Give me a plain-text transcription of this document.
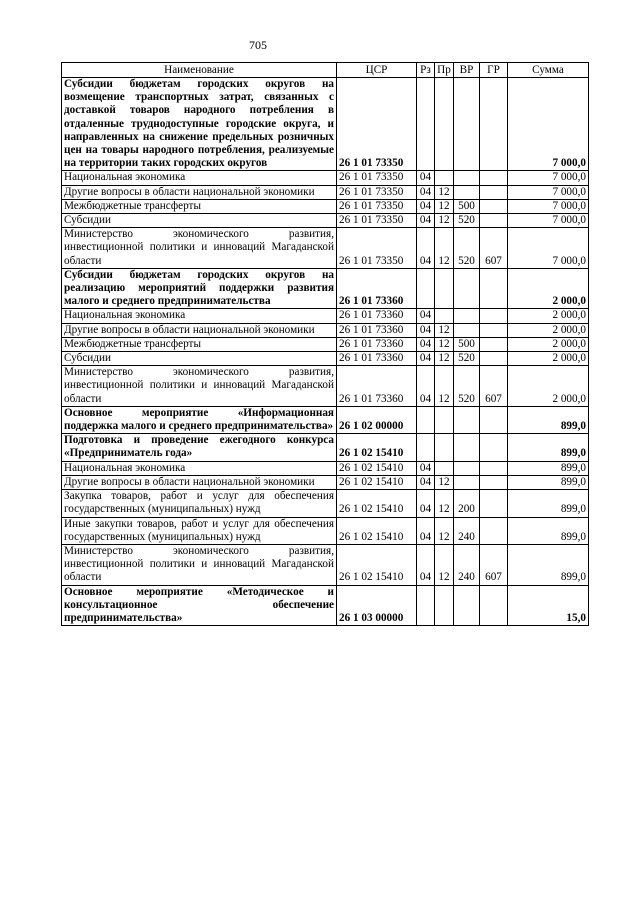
705
Наименование	ЦСР	Рз	Пр	ВР	ГР	Сумма
Субсидии бюджетам городских округов на возмещение транспортных затрат, связанных с доставкой товаров народного потребления в отдаленные труднодоступные городские округа, и направленных на снижение предельных розничных цен на товары народного потребления, реализуемые на территории таких городских округов	26 1 01 73350					7 000,0
Национальная экономика	26 1 01 73350	04				7 000,0
Другие вопросы в области национальной экономики	26 1 01 73350	04	12			7 000,0
Межбюджетные трансферты	26 1 01 73350	04	12	500		7 000,0
Субсидии	26 1 01 73350	04	12	520		7 000,0
Министерство экономического развития, инвестиционной политики и инноваций Магаданской области	26 1 01 73350	04	12	520	607	7 000,0
Субсидии бюджетам городских округов на реализацию мероприятий поддержки развития малого и среднего предпринимательства	26 1 01 73360					2 000,0
Национальная экономика	26 1 01 73360	04				2 000,0
Другие вопросы в области национальной экономики	26 1 01 73360	04	12			2 000,0
Межбюджетные трансферты	26 1 01 73360	04	12	500		2 000,0
Субсидии	26 1 01 73360	04	12	520		2 000,0
Министерство экономического развития, инвестиционной политики и инноваций Магаданской области	26 1 01 73360	04	12	520	607	2 000,0
Основное мероприятие «Информационная поддержка малого и среднего предпринимательства»	26 1 02 00000					899,0
Подготовка и проведение ежегодного конкурса «Предприниматель года»	26 1 02 15410					899,0
Национальная экономика	26 1 02 15410	04				899,0
Другие вопросы в области национальной экономики	26 1 02 15410	04	12			899,0
Закупка товаров, работ и услуг для обеспечения государственных (муниципальных) нужд	26 1 02 15410	04	12	200		899,0
Иные закупки товаров, работ и услуг для обеспечения государственных (муниципальных) нужд	26 1 02 15410	04	12	240		899,0
Министерство экономического развития, инвестиционной политики и инноваций Магаданской области	26 1 02 15410	04	12	240	607	899,0
Основное мероприятие «Методическое и консультационное обеспечение предпринимательства»	26 1 03 00000					15,0
